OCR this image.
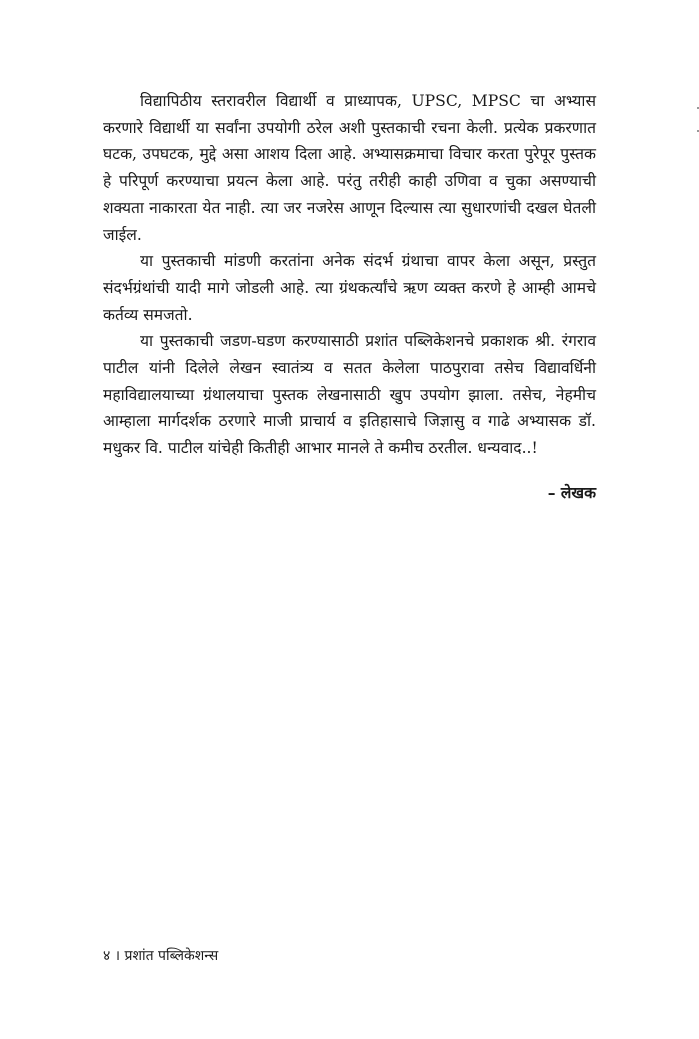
विद्यापिठीय स्तरावरील विद्यार्थी व प्राध्यापक, UPSC, MPSC चा अभ्यास करणारे विद्यार्थी या सर्वांना उपयोगी ठरेल अशी पुस्तकाची रचना केली. प्रत्येक प्रकरणात घटक, उपघटक, मुद्दे असा आशय दिला आहे. अभ्यासक्रमाचा विचार करता पुरेपूर पुस्तक हे परिपूर्ण करण्याचा प्रयत्न केला आहे. परंतु तरीही काही उणिवा व चुका असण्याची शक्यता नाकारता येत नाही. त्या जर नजरेस आणून दिल्यास त्या सुधारणांची दखल घेतली जाईल.

या पुस्तकाची मांडणी करतांना अनेक संदर्भ ग्रंथाचा वापर केला असून, प्रस्तुत संदर्भग्रंथांची यादी मागे जोडली आहे. त्या ग्रंथकर्त्यांचे ऋण व्यक्त करणे हे आम्ही आमचे कर्तव्य समजतो.

या पुस्तकाची जडण-घडण करण्यासाठी प्रशांत पब्लिकेशनचे प्रकाशक श्री. रंगराव पाटील यांनी दिलेले लेखन स्वातंत्र्य व सतत केलेला पाठपुरावा तसेच विद्यावर्धिनी महाविद्यालयाच्या ग्रंथालयाचा पुस्तक लेखनासाठी खुप उपयोग झाला. तसेच, नेहमीच आम्हाला मार्गदर्शक ठरणारे माजी प्राचार्य व इतिहासाचे जिज्ञासु व गाढे अभ्यासक डॉ. मधुकर वि. पाटील यांचेही कितीही आभार मानले ते कमीच ठरतील. धन्यवाद..!

– लेखक
४ । प्रशांत पब्लिकेशन्स
